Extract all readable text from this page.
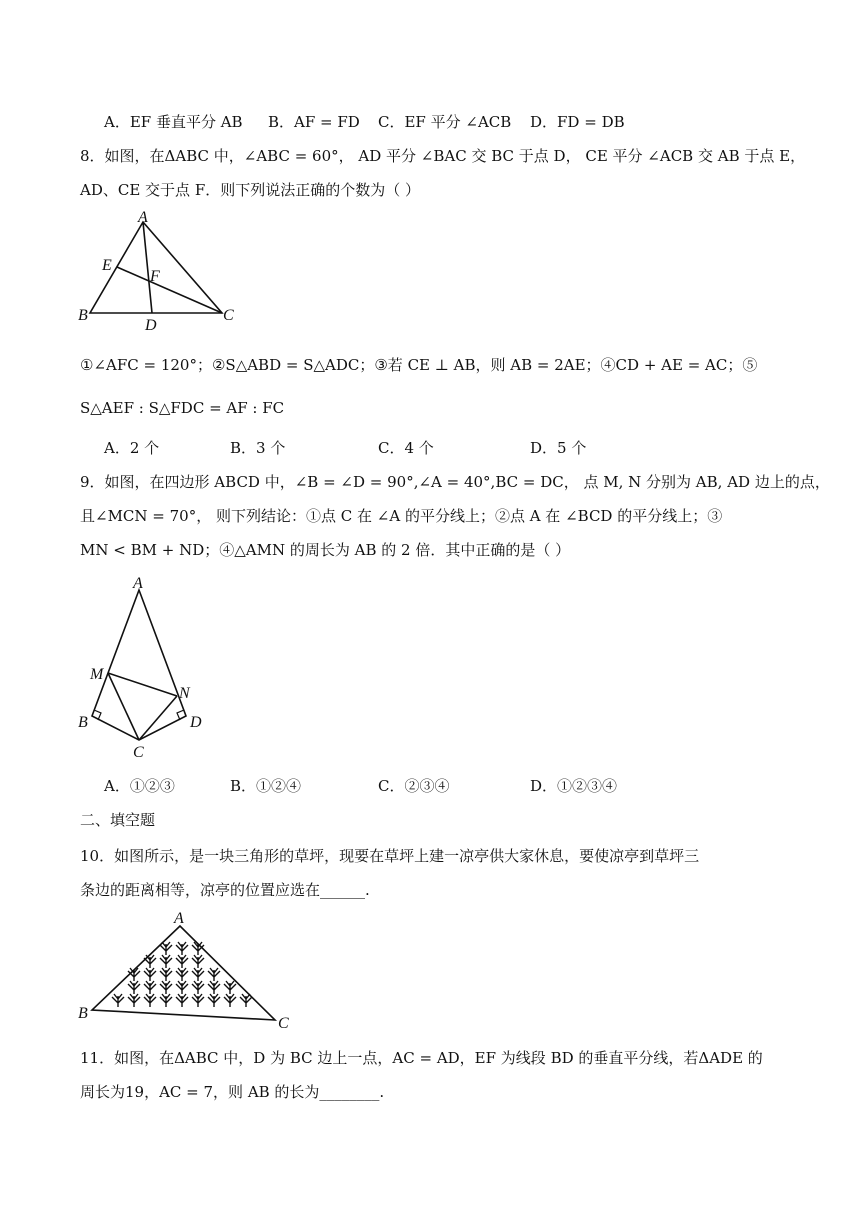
A．EF 垂直平分 AB B．AF = FD C．EF 平分 ∠ACB D．FD = DB
8．如图，在ΔABC 中，∠ABC = 60°， AD 平分 ∠BAC 交 BC 于点 D， CE 平分 ∠ACB 交 AB 于点 E，
AD、CE 交于点 F．则下列说法正确的个数为（ ）
A
E
F
B	C
D
①∠AFC = 120°；②S△ABD = S△ADC；③若 CE ⊥ AB，则 AB = 2AE；④CD + AE = AC；⑤
S△AEF : S△FDC = AF : FC
A．2 个	B．3 个	C．4 个	D．5 个
9．如图，在四边形 ABCD 中，∠B = ∠D = 90°,∠A = 40°,BC = DC， 点 M, N 分别为 AB, AD 边上的点，
且∠MCN = 70°， 则下列结论：①点 C 在 ∠A 的平分线上；②点 A 在 ∠BCD 的平分线上；③
MN < BM + ND；④△AMN 的周长为 AB 的 2 倍．其中正确的是（ ）
A
M
N
B	D
C
A．①②③	B．①②④	C．②③④	D．①②③④
二、填空题
10．如图所示，是一块三角形的草坪，现要在草坪上建一凉亭供大家休息，要使凉亭到草坪三
条边的距离相等，凉亭的位置应选在______.
A
B
C
11．如图，在ΔABC 中，D 为 BC 边上一点，AC = AD，EF 为线段 BD 的垂直平分线，若ΔADE 的
周长为19，AC = 7，则 AB 的长为________.
